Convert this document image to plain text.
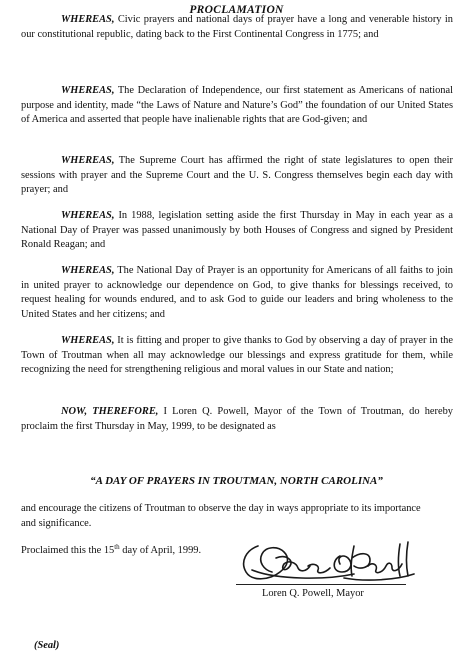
PROCLAMATION

WHEREAS, Civic prayers and national days of prayer have a long and venerable history in our constitutional republic, dating back to the First Continental Congress in 1775; and

WHEREAS, The Declaration of Independence, our first statement as Americans of national purpose and identity, made “the Laws of Nature and Nature’s God” the foundation of our United States of America and asserted that people have inalienable rights that are God-given; and

WHEREAS, The Supreme Court has affirmed the right of state legislatures to open their sessions with prayer and the Supreme Court and the U. S. Congress themselves begin each day with prayer; and

WHEREAS, In 1988, legislation setting aside the first Thursday in May in each year as a National Day of Prayer was passed unanimously by both Houses of Congress and signed by President Ronald Reagan; and

WHEREAS, The National Day of Prayer is an opportunity for Americans of all faiths to join in united prayer to acknowledge our dependence on God, to give thanks for blessings received, to request healing for wounds endured, and to ask God to guide our leaders and bring wholeness to the United States and her citizens; and

WHEREAS, It is fitting and proper to give thanks to God by observing a day of prayer in the Town of Troutman when all may acknowledge our blessings and express gratitude for them, while recognizing the need for strengthening religious and moral values in our State and nation;

NOW, THEREFORE, I Loren Q. Powell, Mayor of the Town of Troutman, do hereby proclaim the first Thursday in May, 1999, to be designated as

“A DAY OF PRAYERS IN TROUTMAN, NORTH CAROLINA”
and encourage the citizens of Troutman to observe the day in ways appropriate to its importance and significance.
Proclaimed this the 15th day of April, 1999.
Loren Q. Powell, Mayor
(Seal)
